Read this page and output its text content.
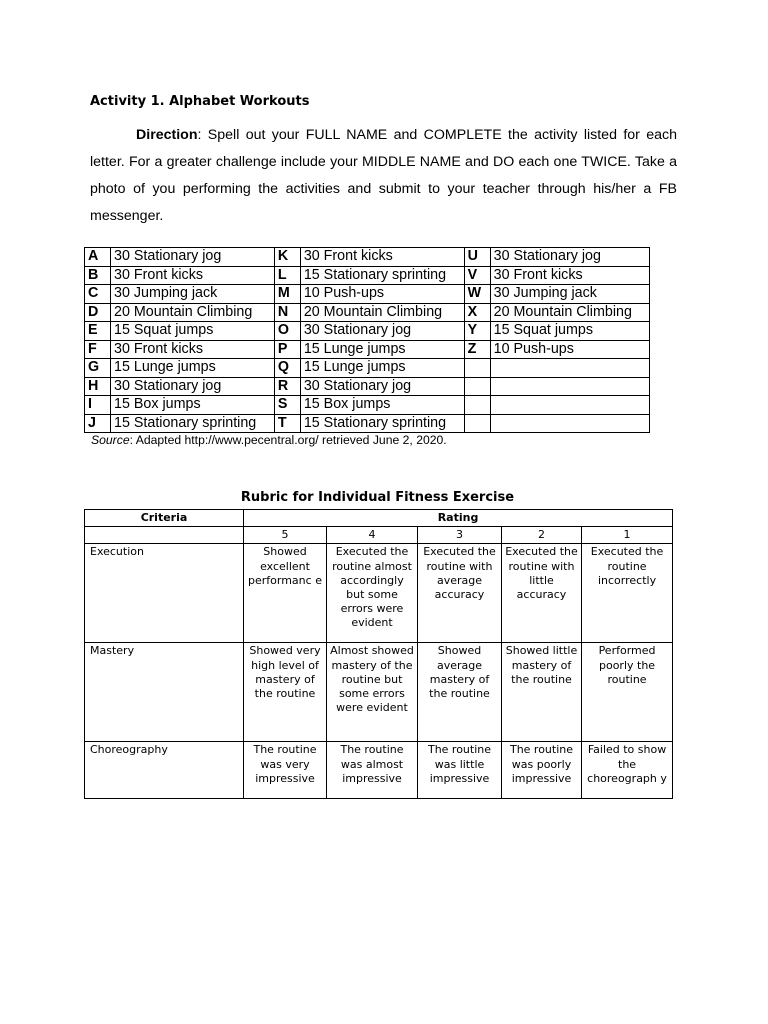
Activity 1. Alphabet Workouts

Direction: Spell out your FULL NAME and COMPLETE the activity listed for each letter. For a greater challenge include your MIDDLE NAME and DO each one TWICE. Take a photo of you performing the activities and submit to your teacher through his/her a FB messenger.

A	30 Stationary jog	K	30 Front kicks	U	30 Stationary jog
B	30 Front kicks	L	15 Stationary sprinting	V	30 Front kicks
C	30 Jumping jack	M	10 Push-ups	W	30 Jumping jack
D	20 Mountain Climbing	N	20 Mountain Climbing	X	20 Mountain Climbing
E	15 Squat jumps	O	30 Stationary jog	Y	15 Squat jumps
F	30 Front kicks	P	15 Lunge jumps	Z	10 Push-ups
G	15 Lunge jumps	Q	15 Lunge jumps		
H	30 Stationary jog	R	30 Stationary jog		
I	15 Box jumps	S	15 Box jumps		
J	15 Stationary sprinting	T	15 Stationary sprinting		
Source: Adapted http://www.pecentral.org/ retrieved June 2, 2020.
Rubric for Individual Fitness Exercise
Criteria	Rating				
	5	4	3	2	1
Execution	Showed excellent performanc e	Executed the routine almost accordingly but some errors were evident	Executed the routine with average accuracy	Executed the routine with little accuracy	Executed the routine incorrectly
Mastery	Showed very high level of mastery of the routine	Almost showed mastery of the routine but some errors were evident	Showed average mastery of the routine	Showed little mastery of the routine	Performed poorly the routine
Choreography	The routine was very impressive	The routine was almost impressive	The routine was little impressive	The routine was poorly impressive	Failed to show the choreograph y
